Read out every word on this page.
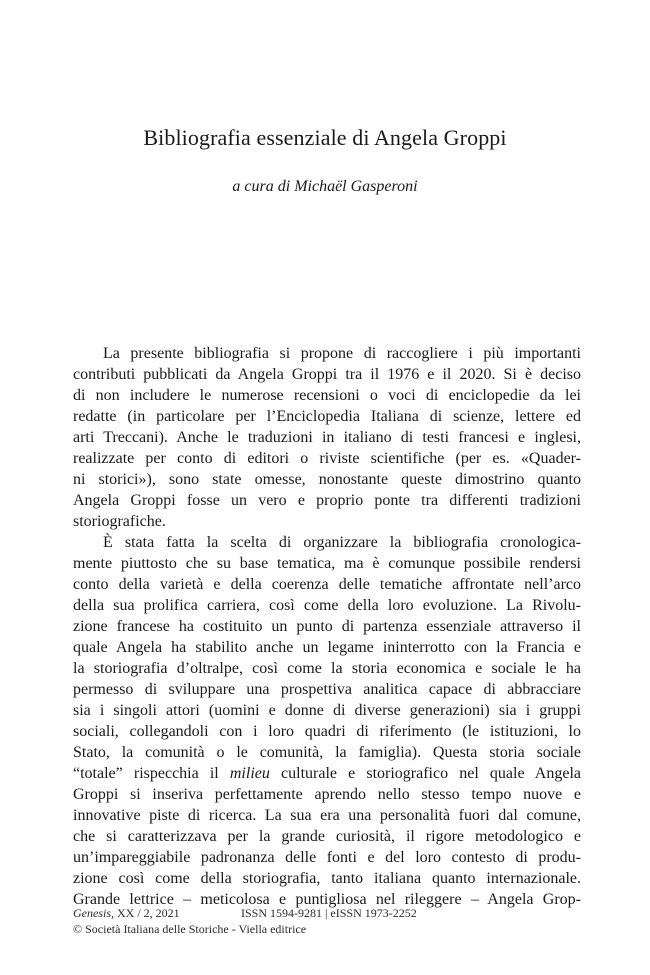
Bibliografia essenziale di Angela Groppi

a cura di Michaël Gasperoni

La presente bibliografia si propone di raccogliere i più importanti
contributi pubblicati da Angela Groppi tra il 1976 e il 2020. Si è deciso
di non includere le numerose recensioni o voci di enciclopedie da lei
redatte (in particolare per l’Enciclopedia Italiana di scienze, lettere ed
arti Treccani). Anche le traduzioni in italiano di testi francesi e inglesi,
realizzate per conto di editori o riviste scientifiche (per es. «Quader-
ni storici»), sono state omesse, nonostante queste dimostrino quanto
Angela Groppi fosse un vero e proprio ponte tra differenti tradizioni
storiografiche.
È stata fatta la scelta di organizzare la bibliografia cronologica-
mente piuttosto che su base tematica, ma è comunque possibile rendersi
conto della varietà e della coerenza delle tematiche affrontate nell’arco
della sua prolifica carriera, così come della loro evoluzione. La Rivolu-
zione francese ha costituito un punto di partenza essenziale attraverso il
quale Angela ha stabilito anche un legame ininterrotto con la Francia e
la storiografia d’oltralpe, così come la storia economica e sociale le ha
permesso di sviluppare una prospettiva analitica capace di abbracciare
sia i singoli attori (uomini e donne di diverse generazioni) sia i gruppi
sociali, collegandoli con i loro quadri di riferimento (le istituzioni, lo
Stato, la comunità o le comunità, la famiglia). Questa storia sociale
“totale” rispecchia il milieu culturale e storiografico nel quale Angela
Groppi si inseriva perfettamente aprendo nello stesso tempo nuove e
innovative piste di ricerca. La sua era una personalità fuori dal comune,
che si caratterizzava per la grande curiosità, il rigore metodologico e
un’impareggiabile padronanza delle fonti e del loro contesto di produ-
zione così come della storiografia, tanto italiana quanto internazionale.
Grande lettrice – meticolosa e puntigliosa nel rileggere – Angela Grop-
Genesis, XX / 2, 2021	ISSN 1594-9281 | eISSN 1973-2252
© Società Italiana delle Storiche - Viella editrice
